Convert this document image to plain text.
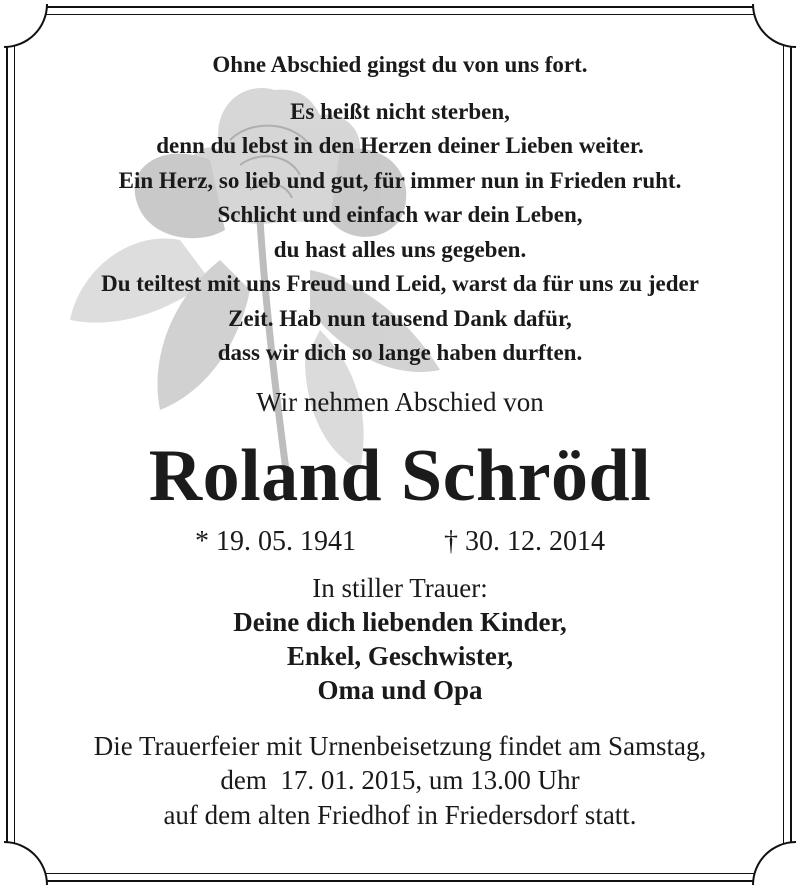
Ohne Abschied gingst du von uns fort.

Es heißt nicht sterben,

denn du lebst in den Herzen deiner Lieben weiter.

Ein Herz, so lieb und gut, für immer nun in Frieden ruht.

Schlicht und einfach war dein Leben,

du hast alles uns gegeben.

Du teiltest mit uns Freud und Leid, warst da für uns zu jeder

Zeit. Hab nun tausend Dank dafür,

dass wir dich so lange haben durften.

Wir nehmen Abschied von
Roland Schrödl
* 19. 05. 1941	† 30. 12. 2014
In stiller Trauer:

Deine dich liebenden Kinder,

Enkel, Geschwister,

Oma und Opa

Die Trauerfeier mit Urnenbeisetzung findet am Samstag,

dem  17. 01. 2015, um 13.00 Uhr

auf dem alten Friedhof in Friedersdorf statt.
